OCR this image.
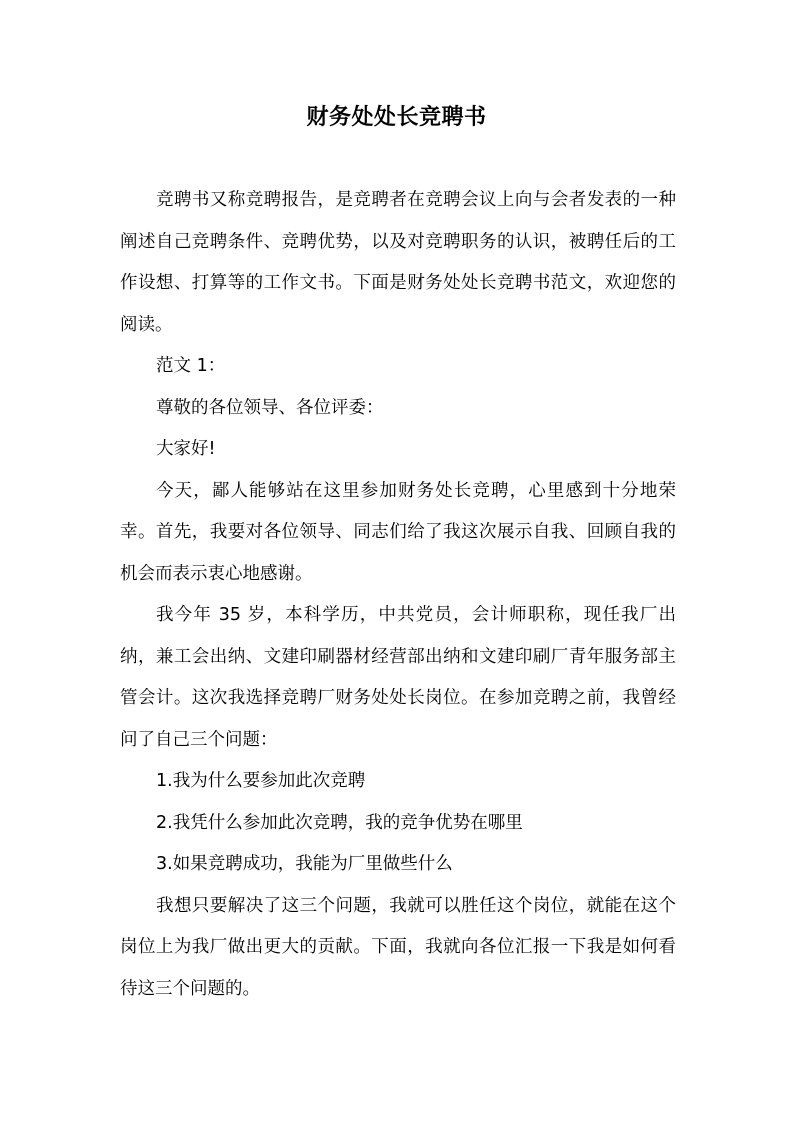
财务处处长竞聘书

竞聘书又称竞聘报告，是竞聘者在竞聘会议上向与会者发表的一种阐述自己竞聘条件、竞聘优势，以及对竞聘职务的认识，被聘任后的工作设想、打算等的工作文书。下面是财务处处长竞聘书范文，欢迎您的阅读。

范文 1：

尊敬的各位领导、各位评委：

大家好!

今天，鄙人能够站在这里参加财务处长竞聘，心里感到十分地荣幸。首先，我要对各位领导、同志们给了我这次展示自我、回顾自我的机会而表示衷心地感谢。

我今年 35 岁，本科学历，中共党员，会计师职称，现任我厂出纳，兼工会出纳、文建印刷器材经营部出纳和文建印刷厂青年服务部主管会计。这次我选择竞聘厂财务处处长岗位。在参加竞聘之前，我曾经问了自己三个问题：

1.我为什么要参加此次竞聘

2.我凭什么参加此次竞聘，我的竞争优势在哪里

3.如果竞聘成功，我能为厂里做些什么

我想只要解决了这三个问题，我就可以胜任这个岗位，就能在这个岗位上为我厂做出更大的贡献。下面，我就向各位汇报一下我是如何看待这三个问题的。
